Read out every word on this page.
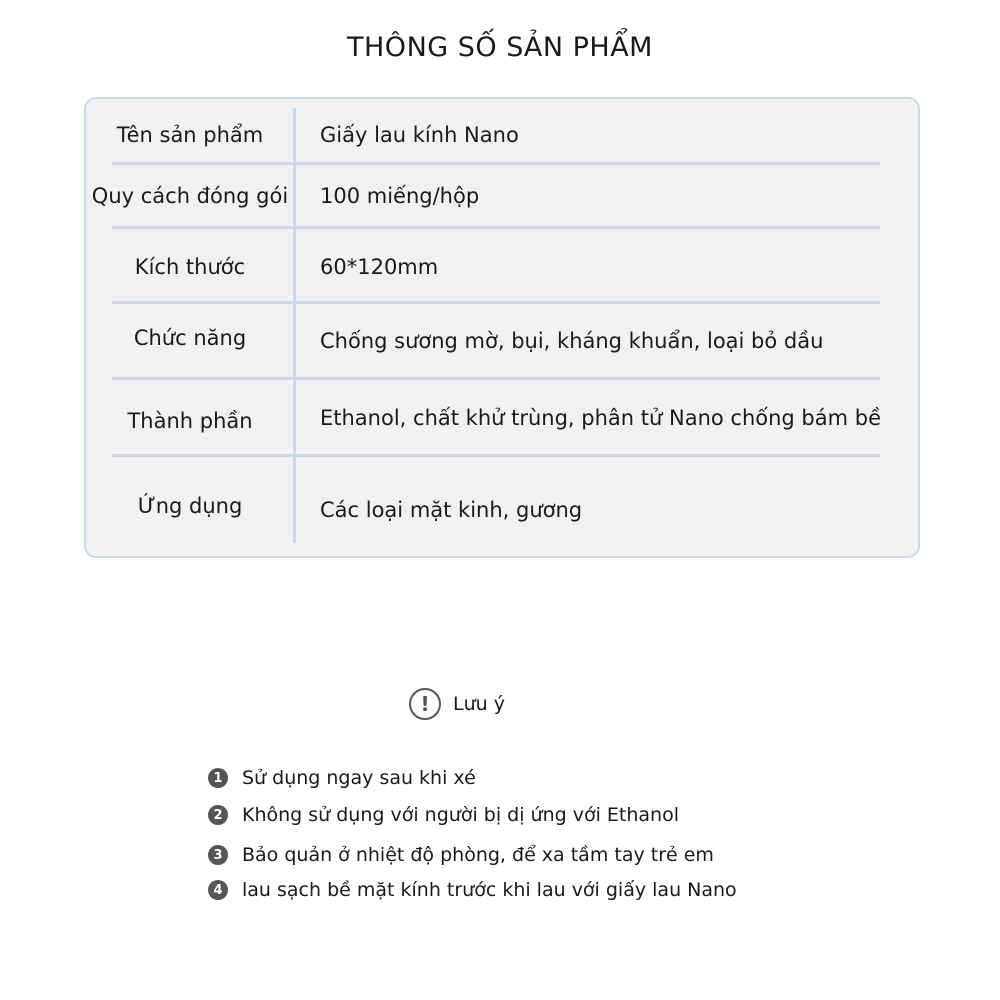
THÔNG SỐ SẢN PHẨM
Tên sản phẩm	Giấy lau kính Nano
Quy cách đóng gói 100 miếng/hộp
Kích thước	60*120mm
Chức năng	Chống sương mờ, bụi, kháng khuẩn, loại bỏ dầu
Thành phần	Ethanol, chất khử trùng, phân tử Nano chống bám bề
Ứng dụng	Các loại mặt kinh, gương
!	Lưu ý
1 Sử dụng ngay sau khi xé
2 Không sử dụng với người bị dị ứng với Ethanol
3 Bảo quản ở nhiệt độ phòng, để xa tầm tay trẻ em
4 lau sạch bề mặt kính trước khi lau với giấy lau Nano
